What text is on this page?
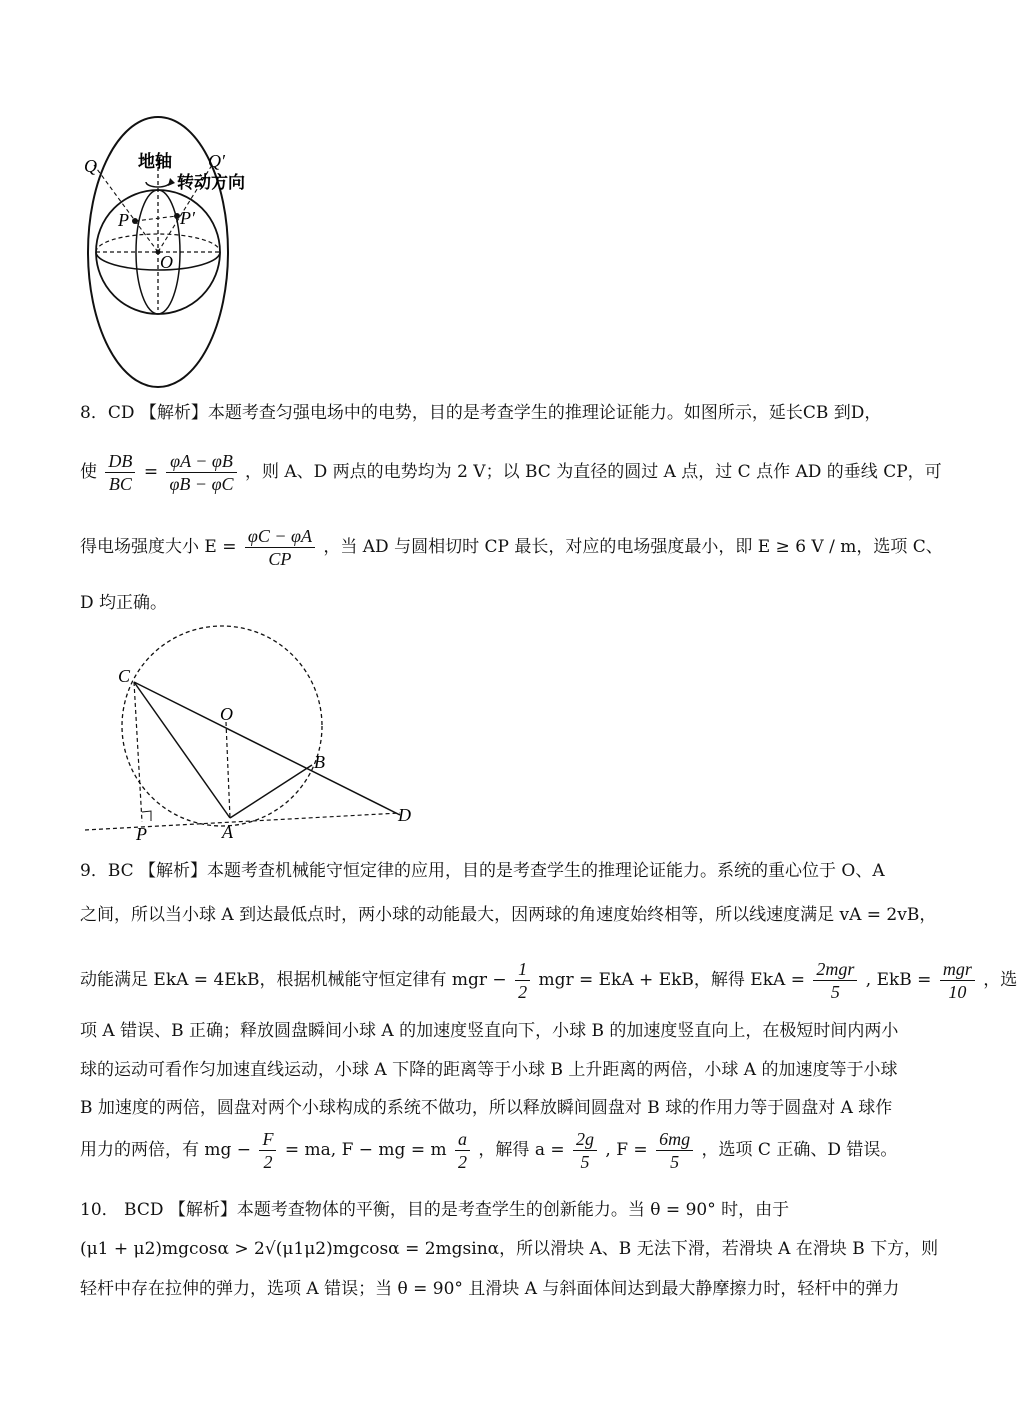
地轴
转动方向
Q	Q′
P	P′
O
8．CD 【解析】本题考查匀强电场中的电势，目的是考查学生的推理论证能力。如图所示，延长CB 到D，
使 $\frac{DB}{BC} = \frac{\varphi A - \varphi B}{\varphi B - \varphi C}$ ，则 A、D 两点的电势均为 2 V；以 BC 为直径的圆过 A 点，过 C 点作 AD 的垂线 CP，可
得电场强度大小 $E = \frac{\varphi C - \varphi A}{CP}$ ，当 AD 与圆相切时 CP 最长，对应的电场强度最小，即 E ≥ 6 V / m，选项 C、
D 均正确。
C
O
B
D
A
P
9．BC 【解析】本题考查机械能守恒定律的应用，目的是考查学生的推理论证能力。系统的重心位于 O、A
之间，所以当小球 A 到达最低点时，两小球的动能最大，因两球的角速度始终相等，所以线速度满足 vA = 2vB，
动能满足 EkA = 4EkB，根据机械能守恒定律有 mgr − $\frac{1}{2}$ mgr = EkA + EkB，解得 EkA = $\frac{\text{2mgr}}{5}$ , EkB = $\frac{\text{mgr}}{10}$ ，选
项 A 错误、B 正确；释放圆盘瞬间小球 A 的加速度竖直向下，小球 B 的加速度竖直向上，在极短时间内两小
球的运动可看作匀加速直线运动，小球 A 下降的距离等于小球 B 上升距离的两倍，小球 A 的加速度等于小球
B 加速度的两倍，圆盘对两个小球构成的系统不做功，所以释放瞬间圆盘对 B 球的作用力等于圆盘对 A 球作
用力的两倍，有 mg − $\frac{F}{2}$ = ma, F − mg = m $\frac{a}{2}$ ，解得 $a = \frac{2g}{5}$ , $F = \frac{6mg}{5}$ ，选项 C 正确、D 错误。
10． BCD 【解析】本题考查物体的平衡，目的是考查学生的创新能力。当 θ = 90° 时，由于
(μ1 + μ2)mgcosα > 2√(μ1μ2)mgcosα = 2mgsinα，所以滑块 A、B 无法下滑，若滑块 A 在滑块 B 下方，则
轻杆中存在拉伸的弹力，选项 A 错误；当 θ = 90° 且滑块 A 与斜面体间达到最大静摩擦力时，轻杆中的弹力
